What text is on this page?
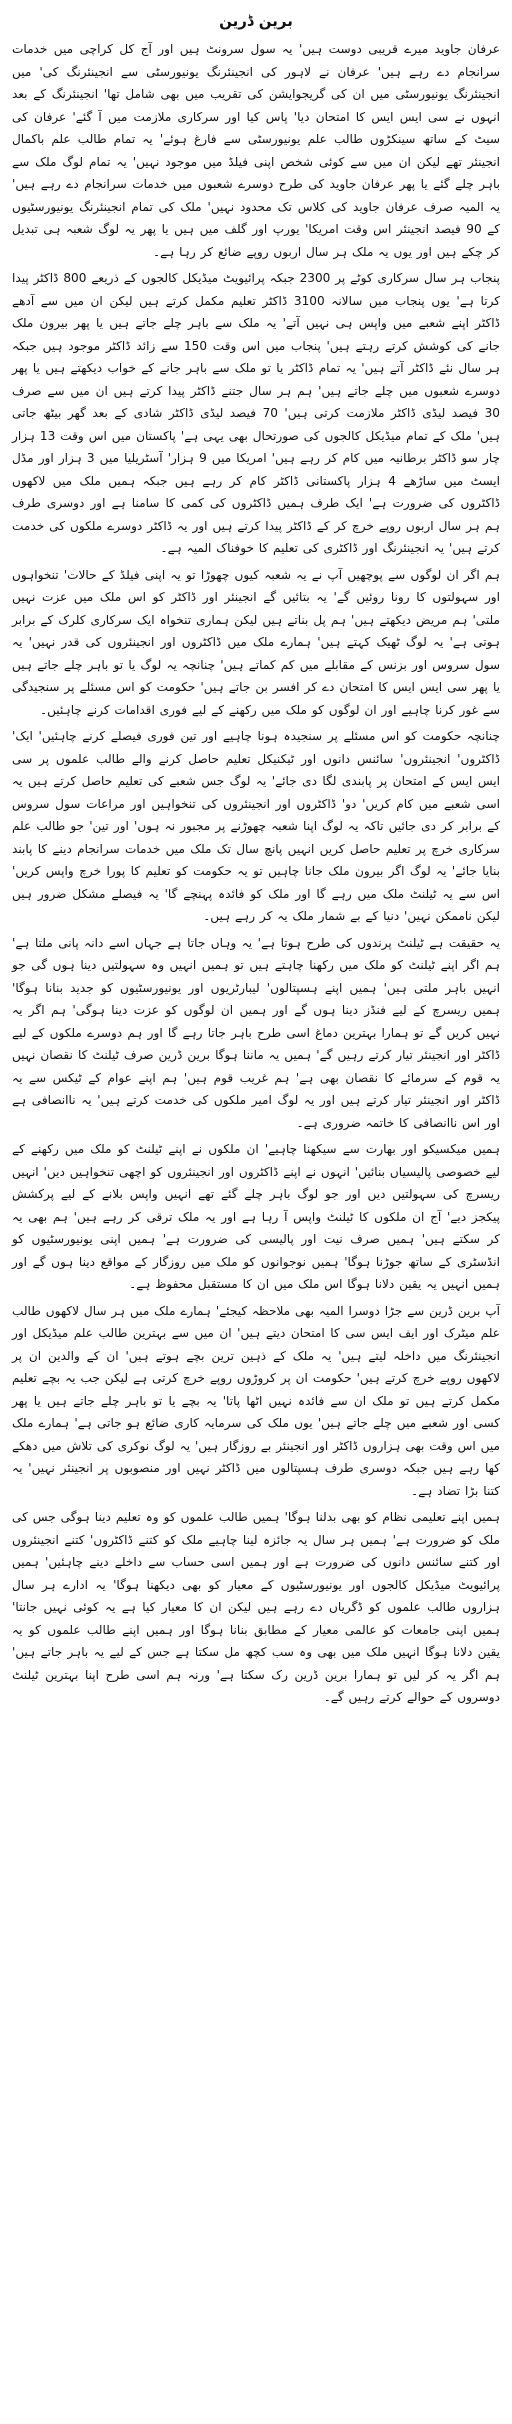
برین ڈرین

عرفان جاوید میرے قریبی دوست ہیں' یہ سول سرونٹ ہیں اور آج کل کراچی میں خدمات سرانجام دے رہے ہیں' عرفان نے لاہور کی انجینئرنگ یونیورسٹی سے انجینئرنگ کی' میں انجینئرنگ یونیورسٹی میں ان کی گریجوایشن کی تقریب میں بھی شامل تھا' انجینئرنگ کے بعد انہوں نے سی ایس ایس کا امتحان دیا' پاس کیا اور سرکاری ملازمت میں آ گئے' عرفان کی سیٹ کے ساتھ سینکڑوں طالب علم یونیورسٹی سے فارغ ہوئے' یہ تمام طالب علم باکمال انجینئر تھے لیکن ان میں سے کوئی شخص اپنی فیلڈ میں موجود نہیں' یہ تمام لوگ ملک سے باہر چلے گئے یا پھر عرفان جاوید کی طرح دوسرے شعبوں میں خدمات سرانجام دے رہے ہیں' یہ المیہ صرف عرفان جاوید کی کلاس تک محدود نہیں' ملک کی تمام انجینئرنگ یونیورسٹیوں کے 90 فیصد انجینئر اس وقت امریکا' یورپ اور گلف میں ہیں یا پھر یہ لوگ شعبہ ہی تبدیل کر چکے ہیں اور یوں یہ ملک ہر سال اربوں روپے ضائع کر رہا ہے۔

پنجاب ہر سال سرکاری کوٹے پر 2300 جبکہ پرائیویٹ میڈیکل کالجوں کے ذریعے 800 ڈاکٹر پیدا کرتا ہے' یوں پنجاب میں سالانہ 3100 ڈاکٹر تعلیم مکمل کرتے ہیں لیکن ان میں سے آدھے ڈاکٹر اپنے شعبے میں واپس ہی نہیں آتے' یہ ملک سے باہر چلے جاتے ہیں یا پھر بیرون ملک جانے کی کوشش کرتے رہتے ہیں' پنجاب میں اس وقت 150 سے زائد ڈاکٹر موجود ہیں جبکہ ہر سال نئے ڈاکٹر آتے ہیں' یہ تمام ڈاکٹر یا تو ملک سے باہر جانے کے خواب دیکھتے ہیں یا پھر دوسرے شعبوں میں چلے جاتے ہیں' ہم ہر سال جتنے ڈاکٹر پیدا کرتے ہیں ان میں سے صرف 30 فیصد لیڈی ڈاکٹر ملازمت کرتی ہیں' 70 فیصد لیڈی ڈاکٹر شادی کے بعد گھر بیٹھ جاتی ہیں' ملک کے تمام میڈیکل کالجوں کی صورتحال بھی یہی ہے' پاکستان میں اس وقت 13 ہزار چار سو ڈاکٹر برطانیہ میں کام کر رہے ہیں' امریکا میں 9 ہزار' آسٹریلیا میں 3 ہزار اور مڈل ایسٹ میں ساڑھے 4 ہزار پاکستانی ڈاکٹر کام کر رہے ہیں جبکہ ہمیں ملک میں لاکھوں ڈاکٹروں کی ضرورت ہے' ایک طرف ہمیں ڈاکٹروں کی کمی کا سامنا ہے اور دوسری طرف ہم ہر سال اربوں روپے خرچ کر کے ڈاکٹر پیدا کرتے ہیں اور یہ ڈاکٹر دوسرے ملکوں کی خدمت کرتے ہیں' یہ انجینئرنگ اور ڈاکٹری کی تعلیم کا خوفناک المیہ ہے۔

ہم اگر ان لوگوں سے پوچھیں آپ نے یہ شعبہ کیوں چھوڑا تو یہ اپنی فیلڈ کے حالات' تنخواہوں اور سہولتوں کا رونا روئیں گے' یہ بتائیں گے انجینئر اور ڈاکٹر کو اس ملک میں عزت نہیں ملتی' ہم مریض دیکھتے ہیں' ہم پل بناتے ہیں لیکن ہماری تنخواہ ایک سرکاری کلرک کے برابر ہوتی ہے' یہ لوگ ٹھیک کہتے ہیں' ہمارے ملک میں ڈاکٹروں اور انجینئروں کی قدر نہیں' یہ سول سروس اور بزنس کے مقابلے میں کم کماتے ہیں' چنانچہ یہ لوگ یا تو باہر چلے جاتے ہیں یا پھر سی ایس ایس کا امتحان دے کر افسر بن جاتے ہیں' حکومت کو اس مسئلے پر سنجیدگی سے غور کرنا چاہیے اور ان لوگوں کو ملک میں رکھنے کے لیے فوری اقدامات کرنے چاہئیں۔

چنانچہ حکومت کو اس مسئلے پر سنجیدہ ہونا چاہیے اور تین فوری فیصلے کرنے چاہئیں' ایک' ڈاکٹروں' انجینئروں' سائنس دانوں اور ٹیکنیکل تعلیم حاصل کرنے والے طالب علموں پر سی ایس ایس کے امتحان پر پابندی لگا دی جائے' یہ لوگ جس شعبے کی تعلیم حاصل کرتے ہیں یہ اسی شعبے میں کام کریں' دو' ڈاکٹروں اور انجینئروں کی تنخواہیں اور مراعات سول سروس کے برابر کر دی جائیں تاکہ یہ لوگ اپنا شعبہ چھوڑنے پر مجبور نہ ہوں' اور تین' جو طالب علم سرکاری خرچ پر تعلیم حاصل کریں انہیں پانچ سال تک ملک میں خدمات سرانجام دینے کا پابند بنایا جائے' یہ لوگ اگر بیرون ملک جانا چاہیں تو یہ حکومت کو تعلیم کا پورا خرچ واپس کریں' اس سے یہ ٹیلنٹ ملک میں رہے گا اور ملک کو فائدہ پہنچے گا' یہ فیصلے مشکل ضرور ہیں لیکن ناممکن نہیں' دنیا کے بے شمار ملک یہ کر رہے ہیں۔

یہ حقیقت ہے ٹیلنٹ پرندوں کی طرح ہوتا ہے' یہ وہاں جاتا ہے جہاں اسے دانہ پانی ملتا ہے' ہم اگر اپنے ٹیلنٹ کو ملک میں رکھنا چاہتے ہیں تو ہمیں انہیں وہ سہولتیں دینا ہوں گی جو انہیں باہر ملتی ہیں' ہمیں اپنے ہسپتالوں' لیبارٹریوں اور یونیورسٹیوں کو جدید بنانا ہوگا' ہمیں ریسرچ کے لیے فنڈز دینا ہوں گے اور ہمیں ان لوگوں کو عزت دینا ہوگی' ہم اگر یہ نہیں کریں گے تو ہمارا بہترین دماغ اسی طرح باہر جاتا رہے گا اور ہم دوسرے ملکوں کے لیے ڈاکٹر اور انجینئر تیار کرتے رہیں گے' ہمیں یہ ماننا ہوگا برین ڈرین صرف ٹیلنٹ کا نقصان نہیں یہ قوم کے سرمائے کا نقصان بھی ہے' ہم غریب قوم ہیں' ہم اپنے عوام کے ٹیکس سے یہ ڈاکٹر اور انجینئر تیار کرتے ہیں اور یہ لوگ امیر ملکوں کی خدمت کرتے ہیں' یہ ناانصافی ہے اور اس ناانصافی کا خاتمہ ضروری ہے۔

ہمیں میکسیکو اور بھارت سے سیکھنا چاہیے' ان ملکوں نے اپنے ٹیلنٹ کو ملک میں رکھنے کے لیے خصوصی پالیسیاں بنائیں' انہوں نے اپنے ڈاکٹروں اور انجینئروں کو اچھی تنخواہیں دیں' انہیں ریسرچ کی سہولتیں دیں اور جو لوگ باہر چلے گئے تھے انہیں واپس بلانے کے لیے پرکشش پیکجز دیے' آج ان ملکوں کا ٹیلنٹ واپس آ رہا ہے اور یہ ملک ترقی کر رہے ہیں' ہم بھی یہ کر سکتے ہیں' ہمیں صرف نیت اور پالیسی کی ضرورت ہے' ہمیں اپنی یونیورسٹیوں کو انڈسٹری کے ساتھ جوڑنا ہوگا' ہمیں نوجوانوں کو ملک میں روزگار کے مواقع دینا ہوں گے اور ہمیں انہیں یہ یقین دلانا ہوگا اس ملک میں ان کا مستقبل محفوظ ہے۔

آپ برین ڈرین سے جڑا دوسرا المیہ بھی ملاحظہ کیجئے' ہمارے ملک میں ہر سال لاکھوں طالب علم میٹرک اور ایف ایس سی کا امتحان دیتے ہیں' ان میں سے بہترین طالب علم میڈیکل اور انجینئرنگ میں داخلہ لیتے ہیں' یہ ملک کے ذہین ترین بچے ہوتے ہیں' ان کے والدین ان پر لاکھوں روپے خرچ کرتے ہیں' حکومت ان پر کروڑوں روپے خرچ کرتی ہے لیکن جب یہ بچے تعلیم مکمل کرتے ہیں تو ملک ان سے فائدہ نہیں اٹھا پاتا' یہ بچے یا تو باہر چلے جاتے ہیں یا پھر کسی اور شعبے میں چلے جاتے ہیں' یوں ملک کی سرمایہ کاری ضائع ہو جاتی ہے' ہمارے ملک میں اس وقت بھی ہزاروں ڈاکٹر اور انجینئر بے روزگار ہیں' یہ لوگ نوکری کی تلاش میں دھکے کھا رہے ہیں جبکہ دوسری طرف ہسپتالوں میں ڈاکٹر نہیں اور منصوبوں پر انجینئر نہیں' یہ کتنا بڑا تضاد ہے۔

ہمیں اپنے تعلیمی نظام کو بھی بدلنا ہوگا' ہمیں طالب علموں کو وہ تعلیم دینا ہوگی جس کی ملک کو ضرورت ہے' ہمیں ہر سال یہ جائزہ لینا چاہیے ملک کو کتنے ڈاکٹروں' کتنے انجینئروں اور کتنے سائنس دانوں کی ضرورت ہے اور ہمیں اسی حساب سے داخلے دینے چاہئیں' ہمیں پرائیویٹ میڈیکل کالجوں اور یونیورسٹیوں کے معیار کو بھی دیکھنا ہوگا' یہ ادارے ہر سال ہزاروں طالب علموں کو ڈگریاں دے رہے ہیں لیکن ان کا معیار کیا ہے یہ کوئی نہیں جانتا' ہمیں اپنی جامعات کو عالمی معیار کے مطابق بنانا ہوگا اور ہمیں اپنے طالب علموں کو یہ یقین دلانا ہوگا انہیں ملک میں بھی وہ سب کچھ مل سکتا ہے جس کے لیے یہ باہر جاتے ہیں' ہم اگر یہ کر لیں تو ہمارا برین ڈرین رک سکتا ہے' ورنہ ہم اسی طرح اپنا بہترین ٹیلنٹ دوسروں کے حوالے کرتے رہیں گے۔
